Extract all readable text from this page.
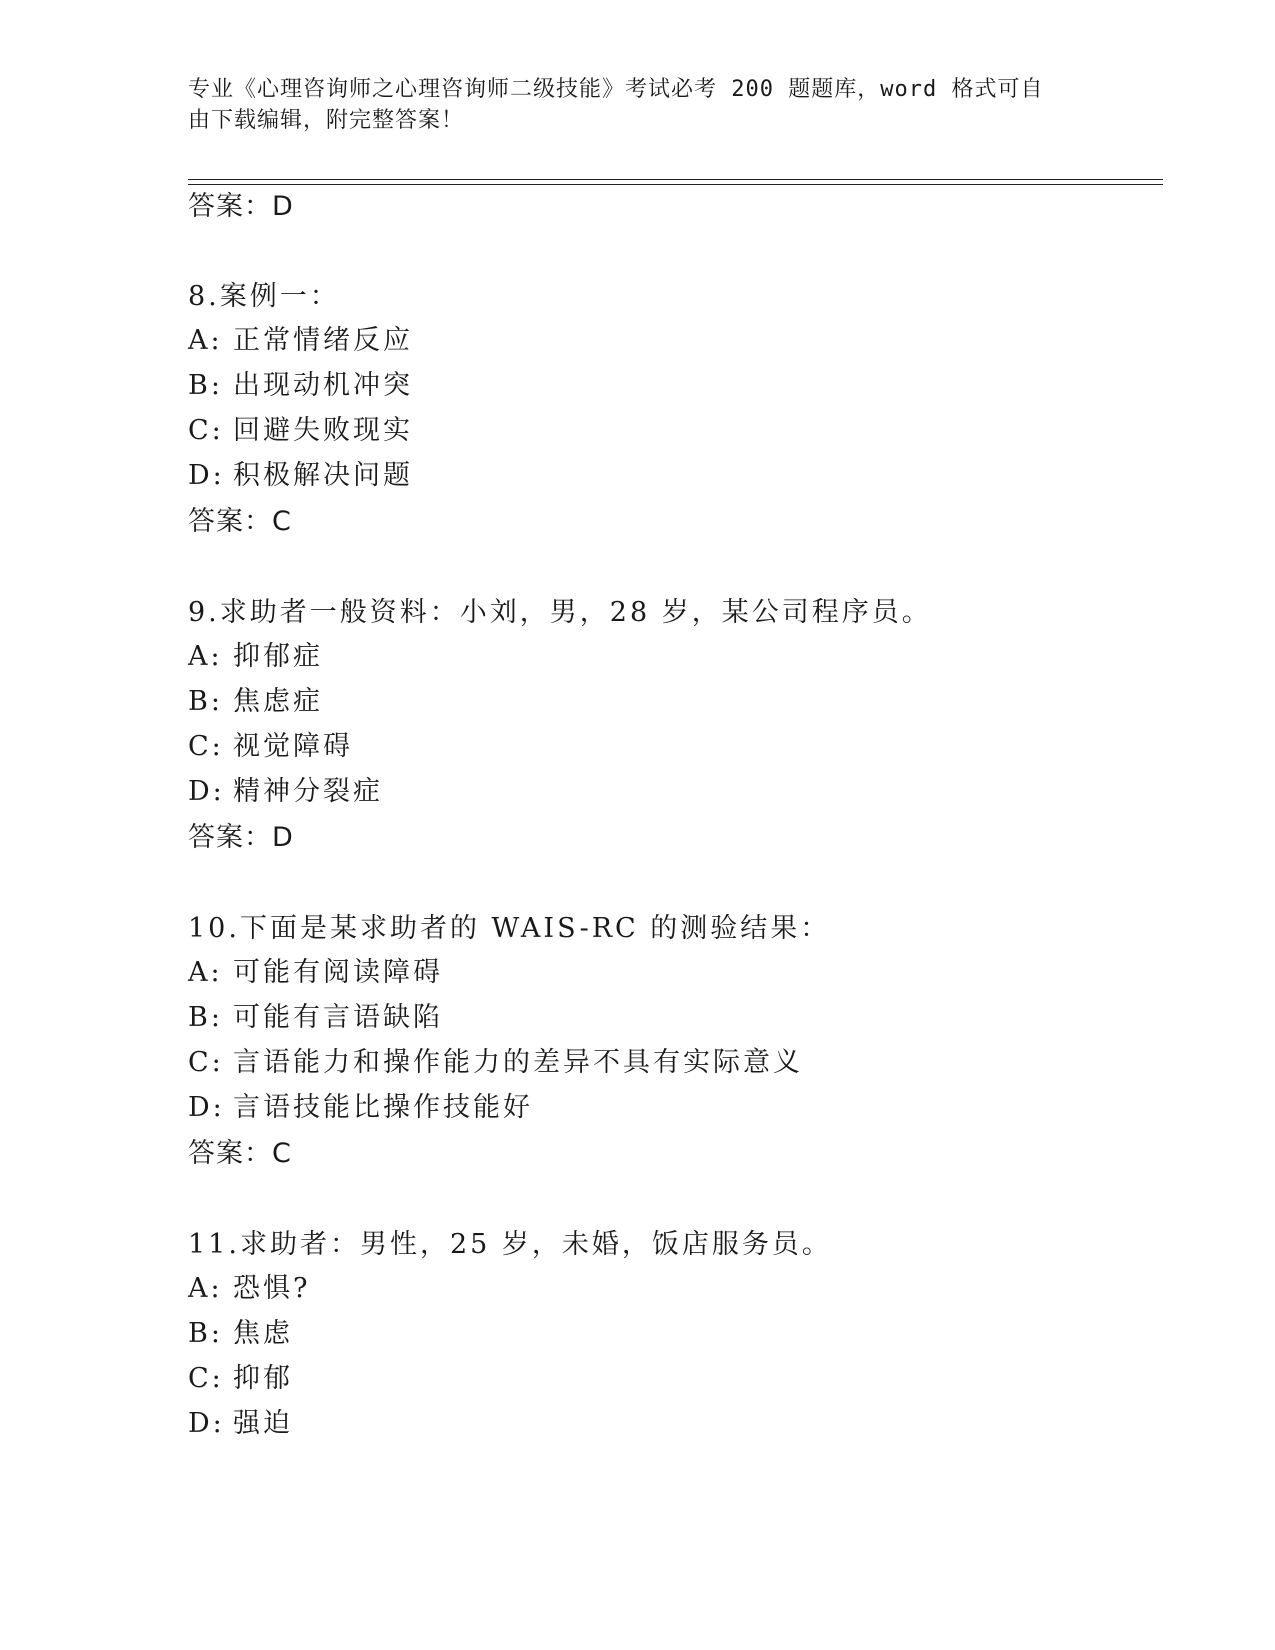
专业《心理咨询师之心理咨询师二级技能》考试必考 200 题题库，word 格式可自
由下载编辑，附完整答案！
答案：D
8.案例一：
A: 正常情绪反应
B: 出现动机冲突
C: 回避失败现实
D: 积极解决问题
答案：C
9.求助者一般资料：小刘，男，28 岁，某公司程序员。
A: 抑郁症
B: 焦虑症
C: 视觉障碍
D: 精神分裂症
答案：D
10.下面是某求助者的 WAIS-RC 的测验结果：
A: 可能有阅读障碍
B: 可能有言语缺陷
C: 言语能力和操作能力的差异不具有实际意义
D: 言语技能比操作技能好
答案：C
11.求助者：男性，25 岁，未婚，饭店服务员。
A: 恐惧?
B: 焦虑
C: 抑郁
D: 强迫
